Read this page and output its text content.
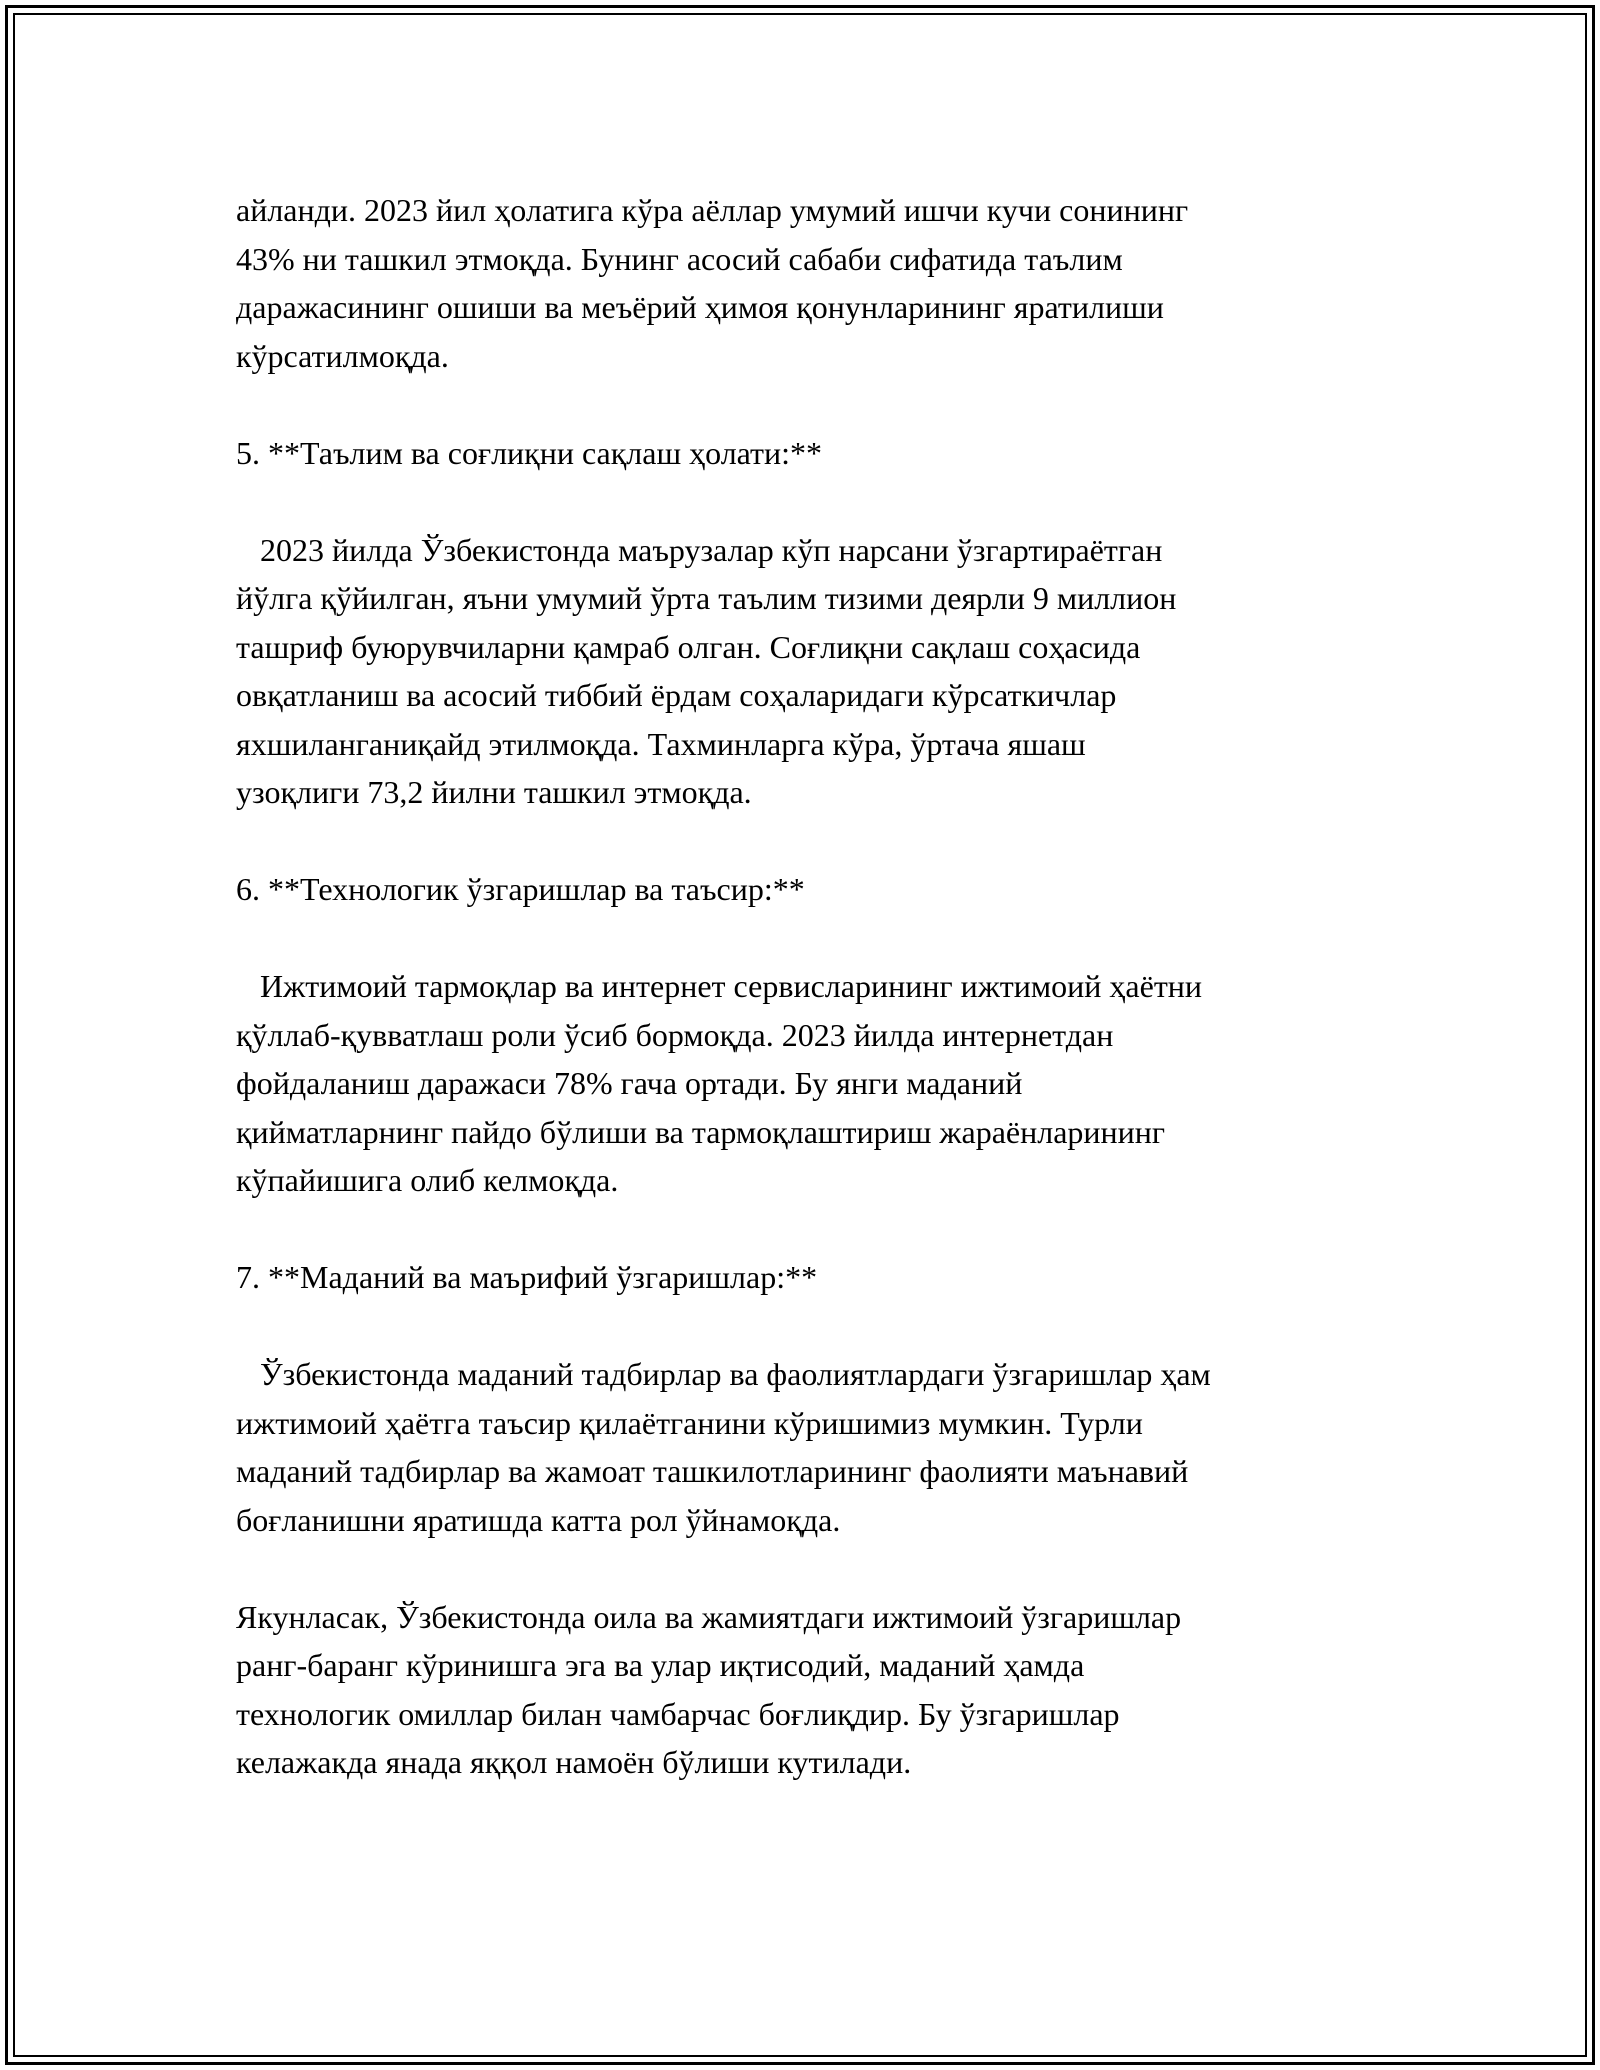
айланди. 2023 йил ҳолатига кўра аёллар умумий ишчи кучи сонининг
43% ни ташкил этмоқда. Бунинг асосий сабаби сифатида таълим
даражасининг ошиши ва меъёрий ҳимоя қонунларининг яратилиши
кўрсатилмоқда.
5. **Таълим ва соғлиқни сақлаш ҳолати:**
2023 йилда Ўзбекистонда маърузалар кўп нарсани ўзгартираётган
йўлга қўйилган, яъни умумий ўрта таълим тизими деярли 9 миллион
ташриф буюрувчиларни қамраб олган. Соғлиқни сақлаш соҳасида
овқатланиш ва асосий тиббий ёрдам соҳаларидаги кўрсаткичлар
яхшиланганиқайд этилмоқда. Тахминларга кўра, ўртача яшаш
узоқлиги 73,2 йилни ташкил этмоқда.
6. **Технологик ўзгаришлар ва таъсир:**
Ижтимоий тармоқлар ва интернет сервисларининг ижтимоий ҳаётни
қўллаб-қувватлаш роли ўсиб бормоқда. 2023 йилда интернетдан
фойдаланиш даражаси 78% гача ортади. Бу янги маданий
қийматларнинг пайдо бўлиши ва тармоқлаштириш жараёнларининг
кўпайишига олиб келмоқда.
7. **Маданий ва маърифий ўзгаришлар:**
Ўзбекистонда маданий тадбирлар ва фаолиятлардаги ўзгаришлар ҳам
ижтимоий ҳаётга таъсир қилаётганини кўришимиз мумкин. Турли
маданий тадбирлар ва жамоат ташкилотларининг фаолияти маънавий
боғланишни яратишда катта рол ўйнамоқда.
Якунласак, Ўзбекистонда оила ва жамиятдаги ижтимоий ўзгаришлар
ранг-баранг кўринишга эга ва улар иқтисодий, маданий ҳамда
технологик омиллар билан чамбарчас боғлиқдир. Бу ўзгаришлар
келажакда янада яққол намоён бўлиши кутилади.
